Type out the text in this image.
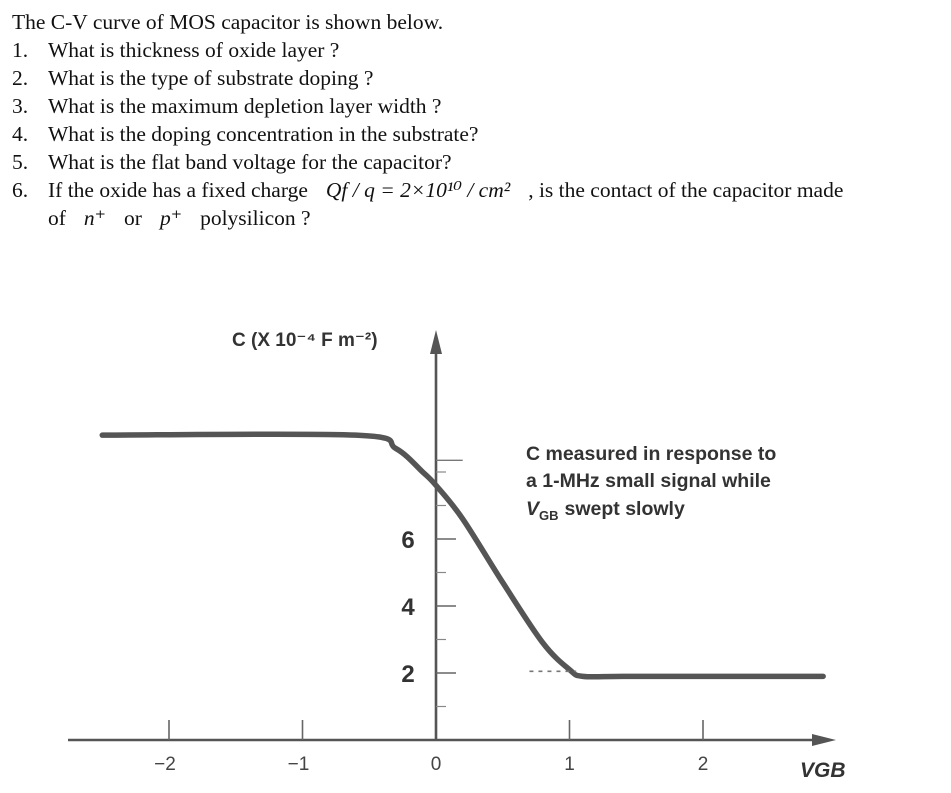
The C-V curve of MOS capacitor is shown below.

1. What is thickness of oxide layer ?
2. What is the type of substrate doping ?
3. What is the maximum depletion layer width ?
4. What is the doping concentration in the substrate?
5. What is the flat band voltage for the capacitor?
6. If the oxide has a fixed charge Qf / q = 2×10¹⁰ / cm² , is the contact of the capacitor made
of n⁺ or p⁺ polysilicon ?
−2	−1	0	1	2
2
4
6
C (X 10⁻⁴ F m⁻²)
VGB
C measured in response to
a 1-MHz small signal while
$V_{GB}$ swept slowly
